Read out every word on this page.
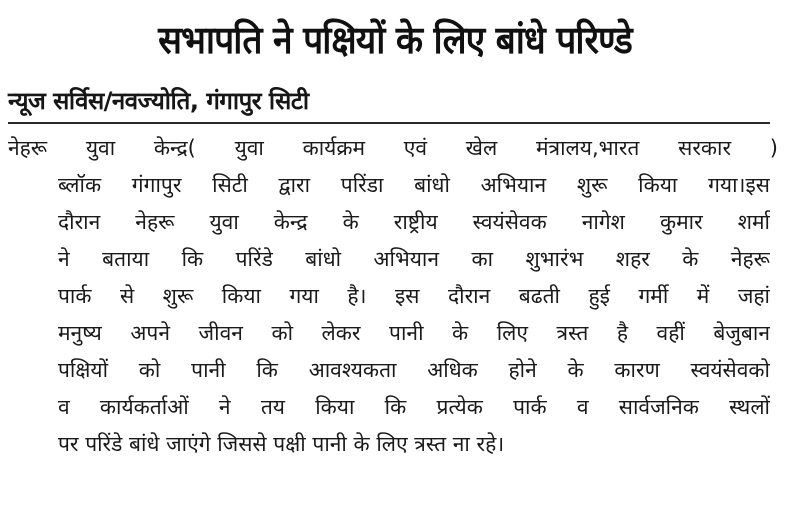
सभापति ने पक्षियों के लिए बांधे परिण्डे
न्यूज सर्विस/नवज्योति, गंगापुर सिटी
नेहरू युवा केन्द्र( युवा कार्यक्रम एवं खेल मंत्रालय,भारत सरकार )
ब्लॉक गंगापुर सिटी द्वारा परिंडा बांधो अभियान शुरू किया गया।इस
दौरान नेहरू युवा केन्द्र के राष्ट्रीय स्वयंसेवक नागेश कुमार शर्मा
ने बताया कि परिंडे बांधो अभियान का शुभारंभ शहर के नेहरू
पार्क से शुरू किया गया है। इस दौरान बढती हुई गर्मी में जहां
मनुष्य अपने जीवन को लेकर पानी के लिए त्रस्त है वहीं बेजुबान
पक्षियों को पानी कि आवश्यकता अधिक होने के कारण स्वयंसेवको
व कार्यकर्ताओं ने तय किया कि प्रत्येक पार्क व सार्वजनिक स्थलों
पर परिंडे बांधे जाएंगे जिससे पक्षी पानी के लिए त्रस्त ना रहे।
